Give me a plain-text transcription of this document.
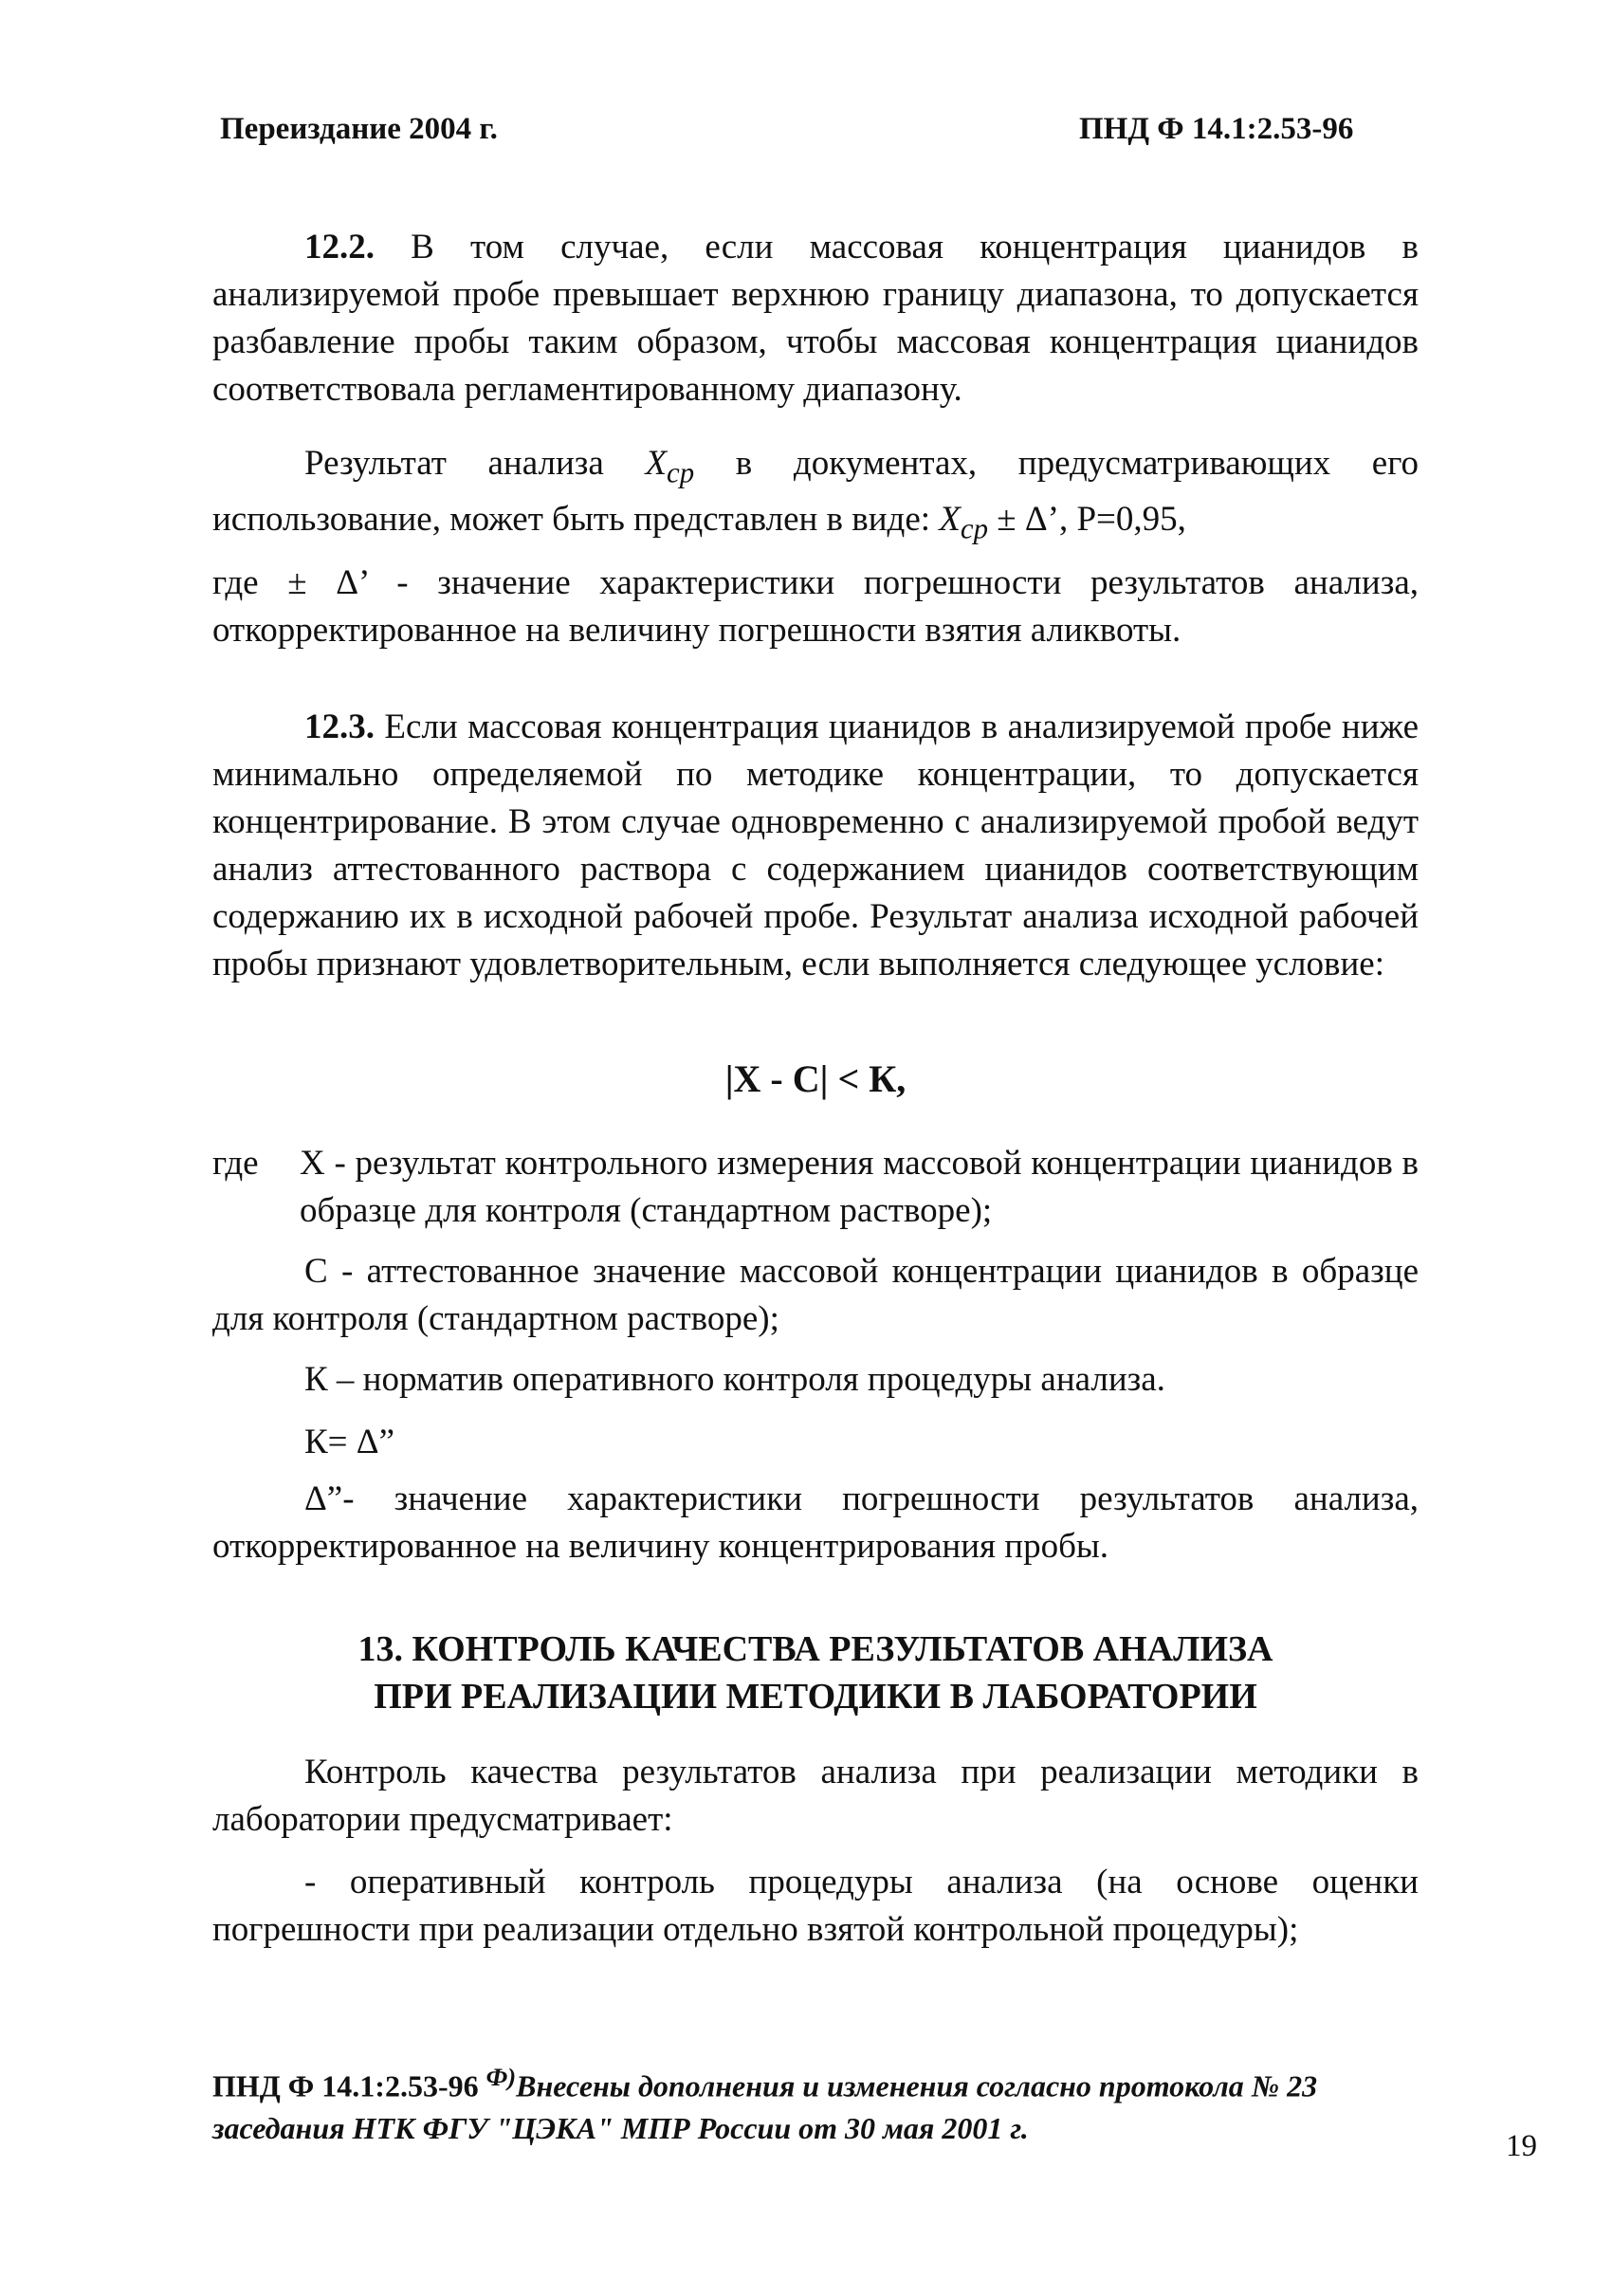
Переиздание 2004 г.	ПНД Ф 14.1:2.53-96

12.2. В том случае, если массовая концентрация цианидов в анализируемой пробе превышает верхнюю границу диапазона, то допускается разбавление пробы таким образом, чтобы массовая концентрация цианидов соответствовала регламентированному диапазону.

Результат анализа $Х_{ср}$ в документах, предусматривающих его использование, может быть представлен в виде: $Х_{ср} \pm \Delta$’, Р=0,95,

где ± Δ’ - значение характеристики погрешности результатов анализа, откорректированное на величину погрешности взятия аликвоты.

12.3. Если массовая концентрация цианидов в анализируемой пробе ниже минимально определяемой по методике концентрации, то допускается концентрирование. В этом случае одновременно с анализируемой пробой ведут анализ аттестованного раствора с содержанием цианидов соответствующим содержанию их в исходной рабочей пробе. Результат анализа исходной рабочей пробы признают удовлетворительным, если выполняется следующее условие:

|Х - С| < К,
где	Х - результат контрольного измерения массовой концентрации цианидов в образце для контроля (стандартном растворе);

С - аттестованное значение массовой концентрации цианидов в образце для контроля (стандартном растворе);

К – норматив оперативного контроля процедуры анализа.

К= Δ”

Δ”- значение характеристики погрешности результатов анализа, откорректированное на величину концентрирования пробы.

13. КОНТРОЛЬ КАЧЕСТВА РЕЗУЛЬТАТОВ АНАЛИЗА
ПРИ РЕАЛИЗАЦИИ МЕТОДИКИ В ЛАБОРАТОРИИ

Контроль качества результатов анализа при реализации методики в лаборатории предусматривает:

- оперативный контроль процедуры анализа (на основе оценки погрешности при реализации отдельно взятой контрольной процедуры);

ПНД Ф 14.1:2.53-96 $^{Ф)}$Внесены дополнения и изменения согласно протокола № 23 заседания НТК ФГУ "ЦЭКА" МПР России от 30 мая 2001 г.
19
